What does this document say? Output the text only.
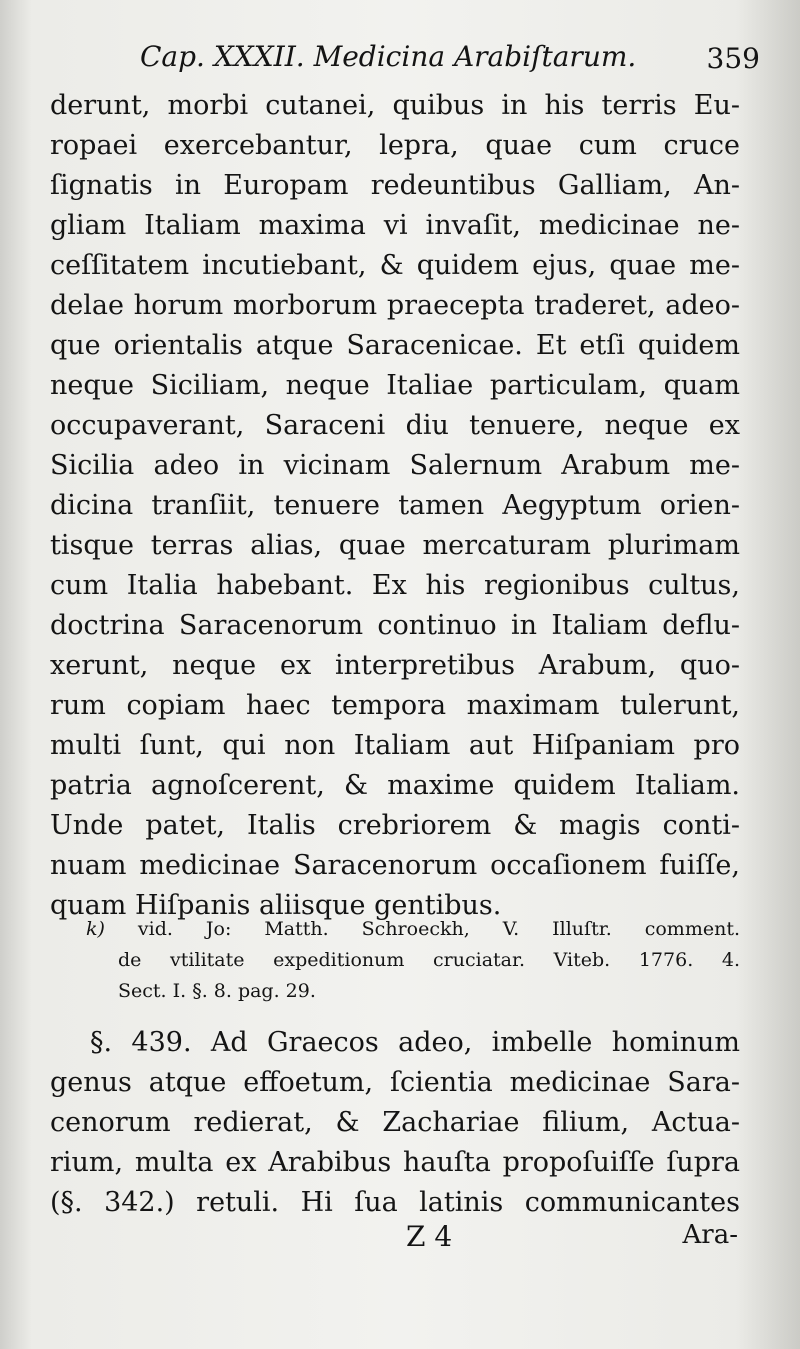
Cap. XXXII. Medicina Arabiſtarum.	359
derunt, morbi cutanei, quibus in his terris Eu-
ropaei exercebantur, lepra, quae cum cruce
ſignatis in Europam redeuntibus Galliam, An-
gliam Italiam maxima vi invaſit, medicinae ne-
ceſſitatem incutiebant, & quidem ejus, quae me-
delae horum morborum praecepta traderet, adeo-
que orientalis atque Saracenicae. Et etſi quidem
neque Siciliam, neque Italiae particulam, quam
occupaverant, Saraceni diu tenuere, neque ex
Sicilia adeo in vicinam Salernum Arabum me-
dicina tranſiit, tenuere tamen Aegyptum orien-
tisque terras alias, quae mercaturam plurimam
cum Italia habebant. Ex his regionibus cultus,
doctrina Saracenorum continuo in Italiam deflu-
xerunt, neque ex interpretibus Arabum, quo-
rum copiam haec tempora maximam tulerunt,
multi ſunt, qui non Italiam aut Hiſpaniam pro
patria agnoſcerent, & maxime quidem Italiam.
Unde patet, Italis crebriorem & magis conti-
nuam medicinae Saracenorum occaſionem fuiſſe,
quam Hiſpanis aliisque gentibus.
k) vid. Jo: Matth. Schroeckh, V. Illuſtr. comment.
de vtilitate expeditionum cruciatar. Viteb. 1776. 4.
Sect. I. §. 8. pag. 29.
§. 439. Ad Graecos adeo, imbelle hominum
genus atque effoetum, ſcientia medicinae Sara-
cenorum redierat, & Zachariae filium, Actua-
rium, multa ex Arabibus hauſta propoſuiſſe ſupra
(§. 342.) retuli. Hi ſua latinis communicantes
Z 4	Ara-
